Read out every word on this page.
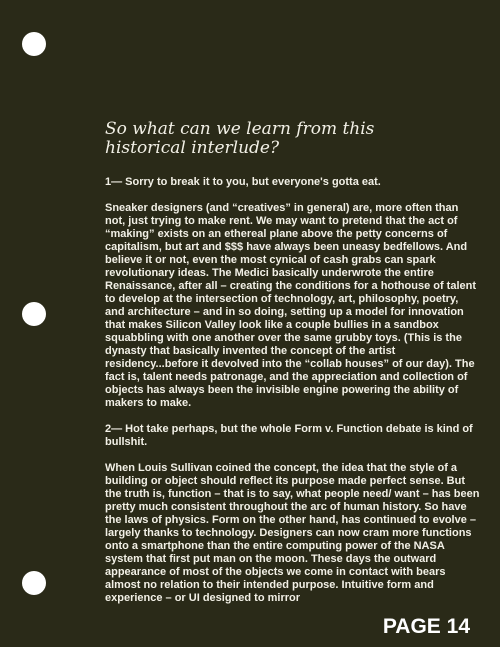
So what can we learn from this historical interlude?

1— Sorry to break it to you, but everyone's gotta eat.

Sneaker designers (and “creatives” in general) are, more often than not, just trying to make rent. We may want to pretend that the act of “making” exists on an ethereal plane above the petty concerns of capitalism, but art and $$$ have always been uneasy bedfellows. And believe it or not, even the most cynical of cash grabs can spark revolutionary ideas. The Medici basically underwrote the entire Renaissance, after all – creating the conditions for a hothouse of talent to develop at the intersection of technology, art, philosophy, poetry, and architecture – and in so doing, setting up a model for innovation that makes Silicon Valley look like a couple bullies in a sandbox squabbling with one another over the same grubby toys. (This is the dynasty that basically invented the concept of the artist residency...before it devolved into the “collab houses” of our day). The fact is, talent needs patronage, and the appreciation and collection of objects has always been the invisible engine powering the ability of makers to make.

2— Hot take perhaps, but the whole Form v. Function debate is kind of bullshit.

When Louis Sullivan coined the concept, the idea that the style of a building or object should reflect its purpose made perfect sense. But the truth is, function – that is to say, what people need/ want – has been pretty much consistent throughout the arc of human history. So have the laws of physics. Form on the other hand, has continued to evolve – largely thanks to technology. Designers can now cram more functions onto a smartphone than the entire computing power of the NASA system that first put man on the moon. These days the outward appearance of most of the objects we come in contact with bears almost no relation to their intended purpose. Intuitive form and experience – or UI designed to mirror

PAGE 14
